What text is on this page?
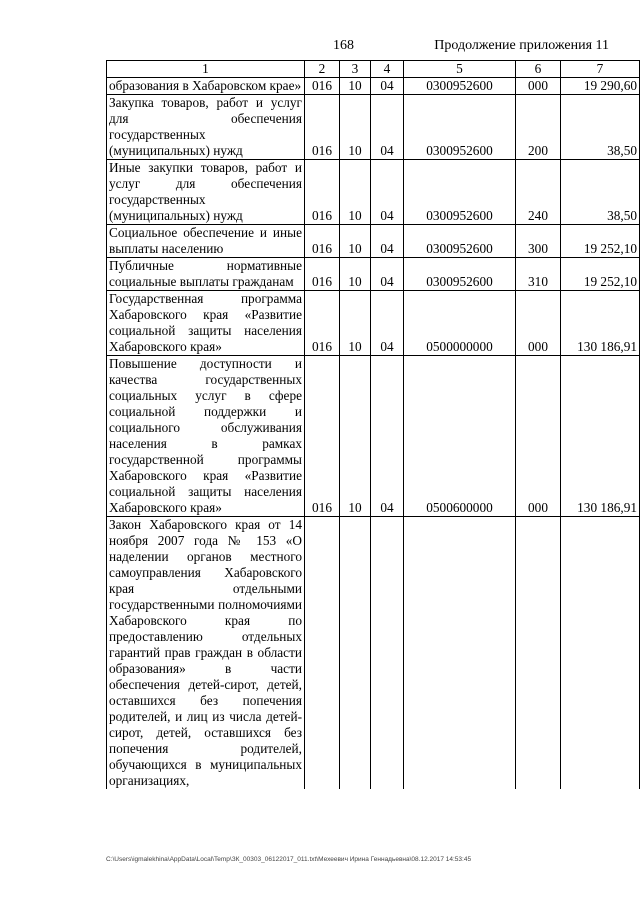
168	Продолжение приложения 11
1	2	3	4	5	6	7
образования в Хабаровском крае»	016	10	04	0300952600	000	19 290,60
Закупка товаров, работ и услуг для обеспечения государственных (муниципальных) нужд	016	10	04	0300952600	200	38,50
Иные закупки товаров, работ и услуг для обеспечения государственных (муниципальных) нужд	016	10	04	0300952600	240	38,50
Социальное обеспечение и иные выплаты населению	016	10	04	0300952600	300	19 252,10
Публичные нормативные социальные выплаты гражданам	016	10	04	0300952600	310	19 252,10
Государственная программа Хабаровского края «Развитие социальной защиты населения Хабаровского края»	016	10	04	0500000000	000	130 186,91
Повышение доступности и качества государственных социальных услуг в сфере социальной поддержки и социального обслуживания населения в рамках государственной программы Хабаровского края «Развитие социальной защиты населения Хабаровского края»	016	10	04	0500600000	000	130 186,91
Закон Хабаровского края от 14 ноября 2007 года № 153 «О наделении органов местного самоуправления Хабаровского края отдельными государственными полномочиями Хабаровского края по предоставлению отдельных гарантий прав граждан в области образования» в части обеспечения детей-сирот, детей, оставшихся без попечения родителей, и лиц из числа детей-сирот, детей, оставшихся без попечения родителей, обучающихся в муниципальных организациях,						
C:\Users\igmalekhina\AppData\Local\Temp\ЗК_00303_06122017_011.txt\Мехеевич Ирина Геннадьевна\08.12.2017 14:53:45
